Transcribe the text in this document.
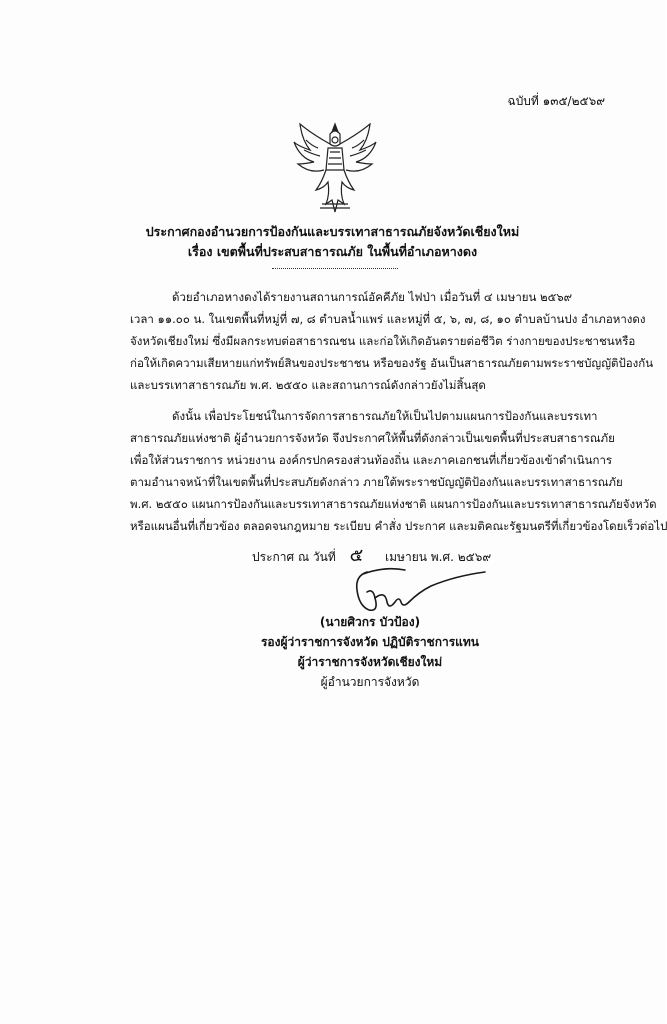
ฉบับที่ ๑๓๕/๒๕๖๙
ประกาศกองอำนวยการป้องกันและบรรเทาสาธารณภัยจังหวัดเชียงใหม่
เรื่อง เขตพื้นที่ประสบสาธารณภัย ในพื้นที่อำเภอหางดง
ด้วยอำเภอหางดงได้รายงานสถานการณ์อัคคีภัย ไฟป่า เมื่อวันที่ ๔ เมษายน ๒๕๖๙
เวลา ๑๑.๐๐ น. ในเขตพื้นที่หมู่ที่ ๗, ๘ ตำบลน้ำแพร่ และหมู่ที่ ๕, ๖, ๗, ๘, ๑๐ ตำบลบ้านปง อำเภอหางดง
จังหวัดเชียงใหม่ ซึ่งมีผลกระทบต่อสาธารณชน และก่อให้เกิดอันตรายต่อชีวิต ร่างกายของประชาชนหรือ
ก่อให้เกิดความเสียหายแก่ทรัพย์สินของประชาชน หรือของรัฐ อันเป็นสาธารณภัยตามพระราชบัญญัติป้องกัน
และบรรเทาสาธารณภัย พ.ศ. ๒๕๕๐ และสถานการณ์ดังกล่าวยังไม่สิ้นสุด
ดังนั้น เพื่อประโยชน์ในการจัดการสาธารณภัยให้เป็นไปตามแผนการป้องกันและบรรเทา
สาธารณภัยแห่งชาติ ผู้อำนวยการจังหวัด จึงประกาศให้พื้นที่ดังกล่าวเป็นเขตพื้นที่ประสบสาธารณภัย
เพื่อให้ส่วนราชการ หน่วยงาน องค์กรปกครองส่วนท้องถิ่น และภาคเอกชนที่เกี่ยวข้องเข้าดำเนินการ
ตามอำนาจหน้าที่ในเขตพื้นที่ประสบภัยดังกล่าว ภายใต้พระราชบัญญัติป้องกันและบรรเทาสาธารณภัย
พ.ศ. ๒๕๕๐ แผนการป้องกันและบรรเทาสาธารณภัยแห่งชาติ แผนการป้องกันและบรรเทาสาธารณภัยจังหวัด
หรือแผนอื่นที่เกี่ยวข้อง ตลอดจนกฎหมาย ระเบียบ คำสั่ง ประกาศ และมติคณะรัฐมนตรีที่เกี่ยวข้องโดยเร็วต่อไป
ประกาศ ณ วันที่ ๕ เมษายน พ.ศ. ๒๕๖๙
(นายศิวกร บัวป้อง)
รองผู้ว่าราชการจังหวัด ปฏิบัติราชการแทน
ผู้ว่าราชการจังหวัดเชียงใหม่
ผู้อำนวยการจังหวัด
